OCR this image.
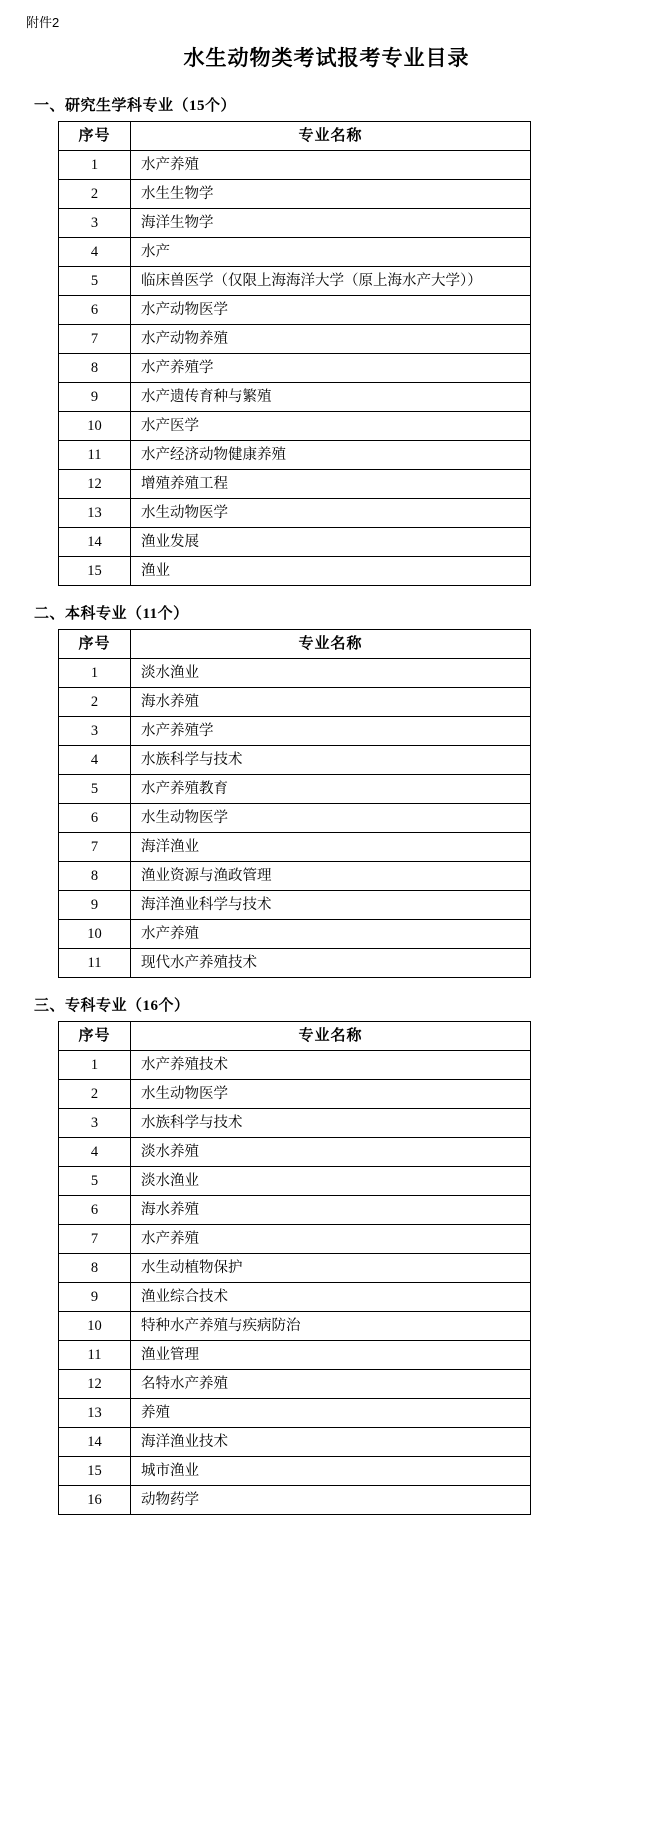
附件2
水生动物类考试报考专业目录
一、研究生学科专业（15个）
序号	专业名称
1	水产养殖
2	水生生物学
3	海洋生物学
4	水产
5	临床兽医学（仅限上海海洋大学（原上海水产大学））
6	水产动物医学
7	水产动物养殖
8	水产养殖学
9	水产遗传育种与繁殖
10	水产医学
11	水产经济动物健康养殖
12	增殖养殖工程
13	水生动物医学
14	渔业发展
15	渔业
二、本科专业（11个）
序号	专业名称
1	淡水渔业
2	海水养殖
3	水产养殖学
4	水族科学与技术
5	水产养殖教育
6	水生动物医学
7	海洋渔业
8	渔业资源与渔政管理
9	海洋渔业科学与技术
10	水产养殖
11	现代水产养殖技术
三、专科专业（16个）
序号	专业名称
1	水产养殖技术
2	水生动物医学
3	水族科学与技术
4	淡水养殖
5	淡水渔业
6	海水养殖
7	水产养殖
8	水生动植物保护
9	渔业综合技术
10	特种水产养殖与疾病防治
11	渔业管理
12	名特水产养殖
13	养殖
14	海洋渔业技术
15	城市渔业
16	动物药学
